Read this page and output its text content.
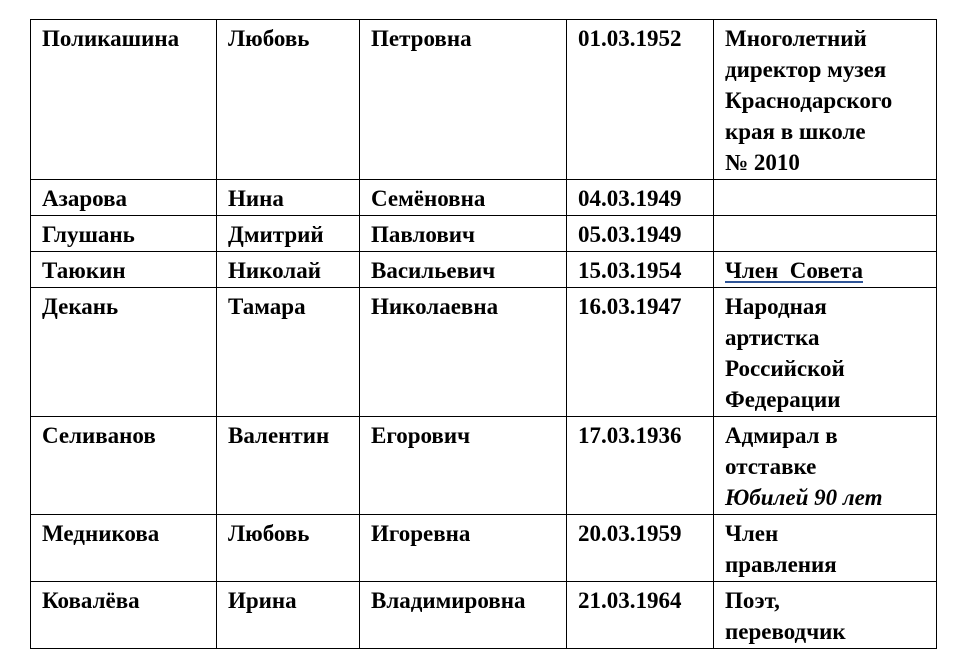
Поликашина	Любовь	Петровна	01.03.1952	Многолетний
директор музея
Краснодарского
края в школе
№ 2010

Азарова	Нина	Семёновна	04.03.1949	
Глушань	Дмитрий	Павлович	05.03.1949	
Таюкин	Николай	Васильевич	15.03.1954	Член  Совета

Декань	Тамара	Николаевна	16.03.1947	Народная
артистка
Российской
Федерации

Селиванов	Валентин	Егорович	17.03.1936	Адмирал в
отставке
Юбилей 90 лет

Медникова	Любовь	Игоревна	20.03.1959	Член
правления

Ковалёва	Ирина	Владимировна	21.03.1964	Поэт,
переводчик
